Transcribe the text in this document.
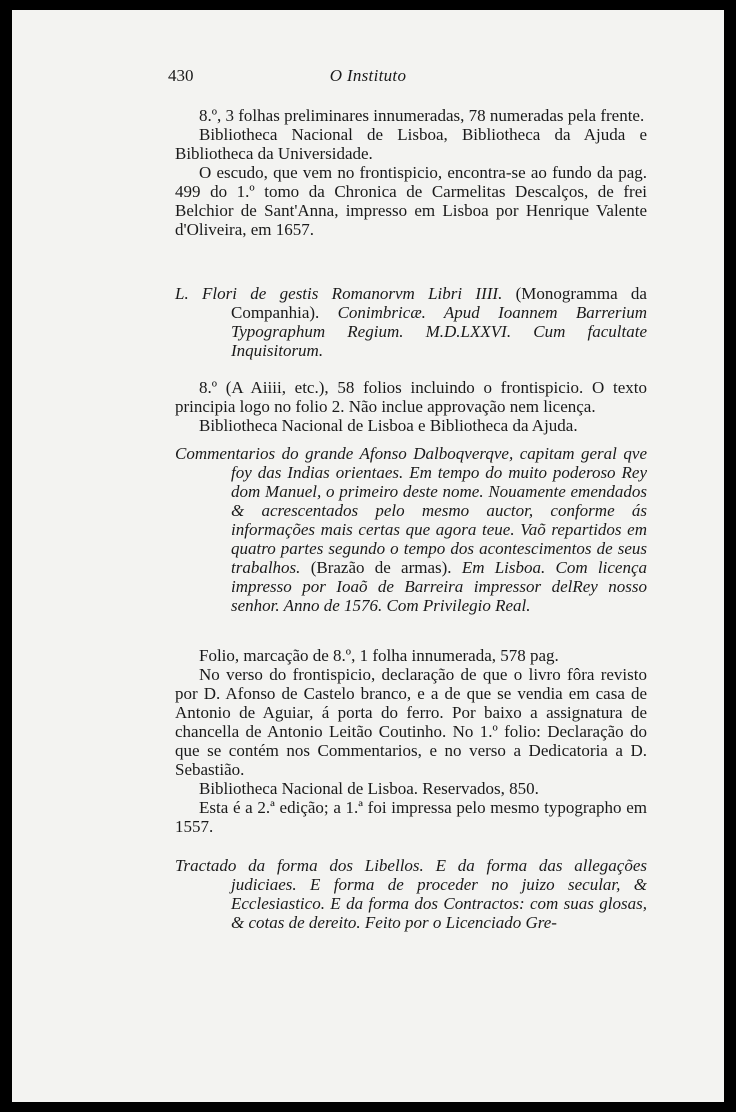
430	O Instituto

8.º, 3 folhas preliminares innumeradas, 78 numeradas pela frente.

Bibliotheca Nacional de Lisboa, Bibliotheca da Ajuda e Bibliotheca da Universidade.

O escudo, que vem no frontispicio, encontra-se ao fundo da pag. 499 do 1.º tomo da Chronica de Carmelitas Descalços, de frei Belchior de Sant'Anna, impresso em Lisboa por Henrique Valente d'Oliveira, em 1657.

L. Flori de gestis Romanorvm Libri IIII. (Monogramma da Companhia). Conimbricæ. Apud Ioannem Barrerium Typographum Regium. M.D.LXXVI. Cum facultate Inquisitorum.

8.º (A Aiiii, etc.), 58 folios incluindo o frontispicio. O texto principia logo no folio 2. Não inclue approvação nem licença.

Bibliotheca Nacional de Lisboa e Bibliotheca da Ajuda.

Commentarios do grande Afonso Dalboqverqve, capitam geral qve foy das Indias orientaes. Em tempo do muito poderoso Rey dom Manuel, o primeiro deste nome. Nouamente emendados & acrescentados pelo mesmo auctor, conforme ás informações mais certas que agora teue. Vaõ repartidos em quatro partes segundo o tempo dos acontescimentos de seus trabalhos. (Brazão de armas). Em Lisboa. Com licença impresso por Ioaõ de Barreira impressor delRey nosso senhor. Anno de 1576. Com Privilegio Real.

Folio, marcação de 8.º, 1 folha innumerada, 578 pag.

No verso do frontispicio, declaração de que o livro fôra revisto por D. Afonso de Castelo branco, e a de que se vendia em casa de Antonio de Aguiar, á porta do ferro. Por baixo a assignatura de chancella de Antonio Leitão Coutinho. No 1.º folio: Declaração do que se contém nos Commentarios, e no verso a Dedicatoria a D. Sebastião.

Bibliotheca Nacional de Lisboa. Reservados, 850.

Esta é a 2.ª edição; a 1.ª foi impressa pelo mesmo typographo em 1557.

Tractado da forma dos Libellos. E da forma das allegações judiciaes. E forma de proceder no juizo secular, & Ecclesiastico. E da forma dos Contractos: com suas glosas, & cotas de dereito. Feito por o Licenciado Gre-
